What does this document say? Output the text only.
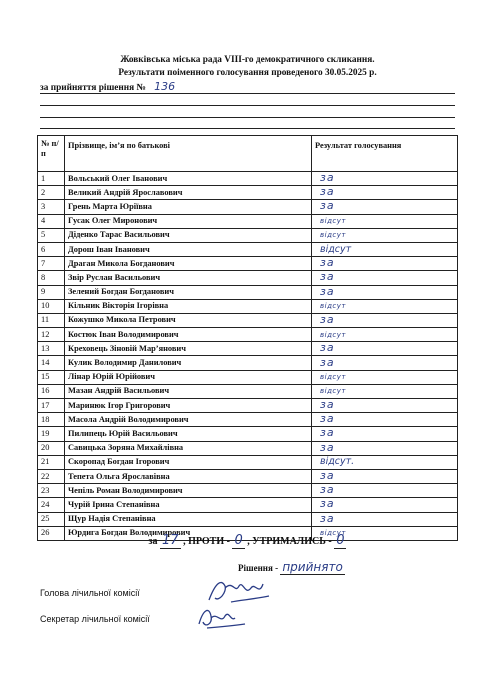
Жовківська міська рада VIII-го демократичного скликання.
Результати поіменного голосування проведеного 30.05.2025 р.
за прийняття рішення № 136
№ п/п	Прізвище, ім’я по батькові	Результат голосування
1	Вольський Олег Іванович	за
2	Великий Андрій Ярославович	за
3	Грень Марта Юріївна	за
4	Гусак Олег Миронович	відсут
5	Діденко Тарас Васильович	відсут
6	Дорош Іван Іванович	відсут
7	Драган Микола Богданович	за
8	Звір Руслан Васильович	за
9	Зелений Богдан Богданович	за
10	Кільник Вікторія Ігорівна	відсут
11	Кожушко Микола Петрович	за
12	Костюк Іван Володимирович	відсут
13	Креховець Зіновій Мар’янович	за
14	Кулик Володимир Данилович	за
15	Лінар Юрій Юрійович	відсут
16	Мазан Андрій Васильович	відсут
17	Маринюк Ігор Григорович	за
18	Масола Андрій Володимирович	за
19	Пилипець Юрій Васильович	за
20	Савицька Зоряна Михайлівна	за
21	Скоропад Богдан Ігорович	відсут.
22	Тепета Ольга Ярославівна	за
23	Чепіль Роман Володимирович	за
24	Чурій Ірина Степанівна	за
25	Щур Надія Степанівна	за
26	Юрдига Богдан Володимирович	відсут
за 17 , ПРОТИ - 0 , УТРИМАЛИСЬ - 0
Рішення - прийнято
Голова лічильної комісії
Секретар лічильної комісії
